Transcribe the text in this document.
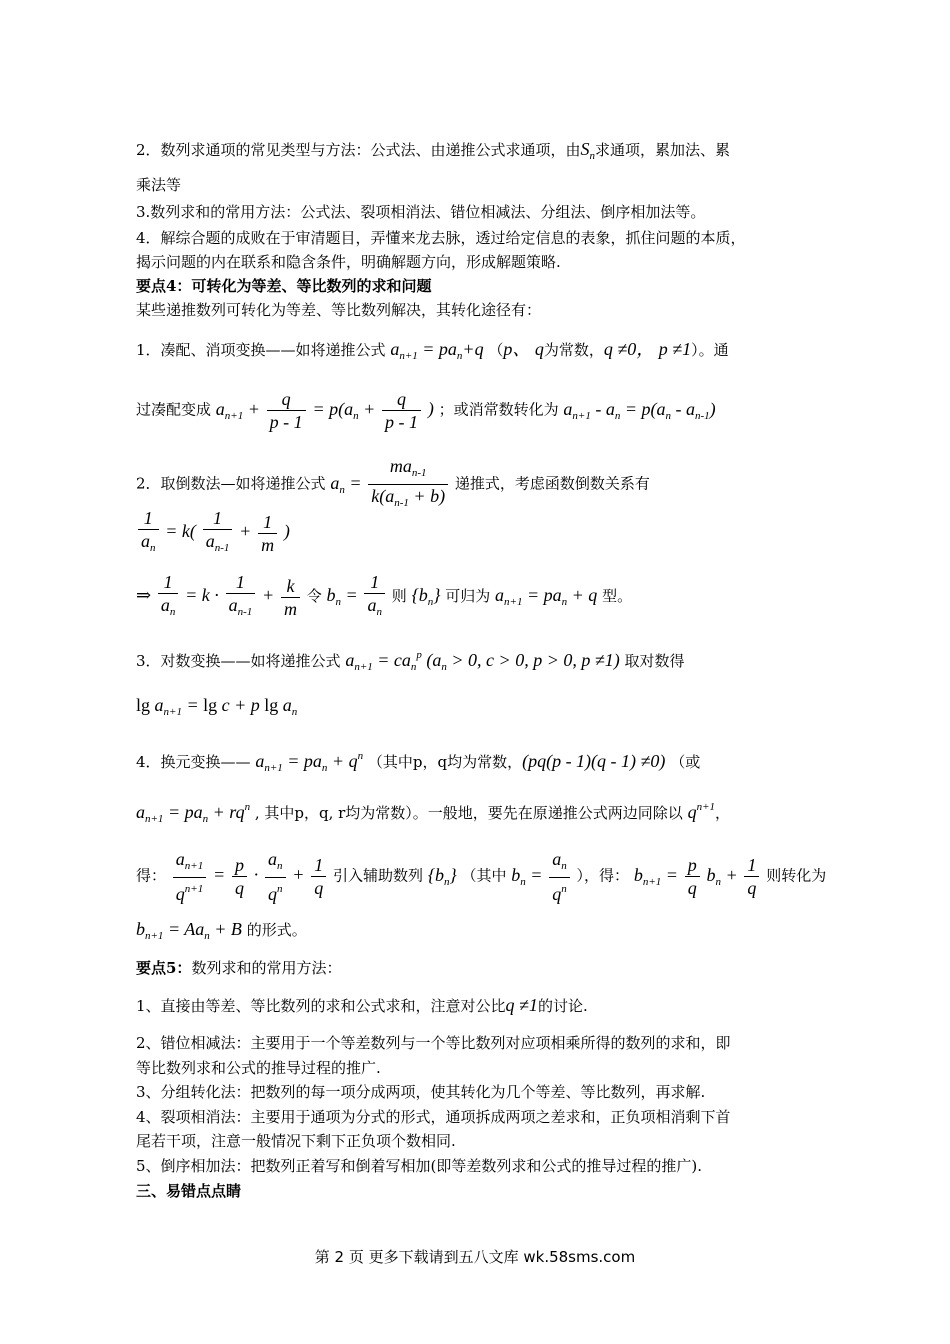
2．数列求通项的常见类型与方法：公式法、由递推公式求通项，由$S_n$求通项，累加法、累
乘法等
3.数列求和的常用方法：公式法、裂项相消法、错位相减法、分组法、倒序相加法等。
4．解综合题的成败在于审清题目，弄懂来龙去脉，透过给定信息的表象，抓住问题的本质，
揭示问题的内在联系和隐含条件，明确解题方向，形成解题策略.
要点4：可转化为等差、等比数列的求和问题
某些递推数列可转化为等差、等比数列解决，其转化途径有：
1．凑配、消项变换——如将递推公式 $a_{n+1} = pa_n+q$ （p、 q为常数，q ≠0， p ≠1）。通
过凑配变成 $a_{n+1} + \frac{q}{p - 1} = p(a_n + \frac{q}{p - 1}$ ) ；或消常数转化为 $a_{n+1} - a_n = p(a_n - a_{n-1})$
2．取倒数法—如将递推公式 $a_n = \frac{ma_{n-1}}{k(a_{n-1} + b)}$ 递推式，考虑函数倒数关系有
$\frac{1}{a_n} = k( \frac{1}{a_{n-1}} + \frac{1}{m}$ )
⇒ $\frac{1}{a_n} = k \cdot \frac{1}{a_{n-1}} + \frac{k}{m}$ 令 $b_n = \frac{1}{a_n}$ 则 $\{b_n\}$ 可归为 $a_{n+1} = pa_n + q$ 型。
3．对数变换——如将递推公式 $a_{n+1} = ca_n^p$ ($a_n > 0$, c > 0, p > 0, p ≠1) 取对数得
$\lg a_{n+1} = \lg c + p$ $\lg a_n$
4．换元变换—— $a_{n+1} = pa_n + q^n$ （其中p，q均为常数，(pq(p - 1)(q - 1) ≠0) （或
$a_{n+1} = pa_n + rq^n$ , 其中p，q, r均为常数）。一般地，要先在原递推公式两边同除以 $q^{n+1}$，
得： $\frac{a_{n+1}}{q^{n+1}} = \frac{p}{q} \cdot \frac{a_n}{q^n} + \frac{1}{q}$ 引入辅助数列 $\{b_n\}$ （其中 $b_n = \frac{a_n}{q^n}$ ），得： $b_{n+1} = \frac{p}{q} b_n + \frac{1}{q}$ 则转化为
$b_{n+1} = Aa_n + B$ 的形式。
要点5：数列求和的常用方法：
1、直接由等差、等比数列的求和公式求和，注意对公比q ≠1的讨论.
2、错位相减法：主要用于一个等差数列与一个等比数列对应项相乘所得的数列的求和，即
等比数列求和公式的推导过程的推广.
3、分组转化法：把数列的每一项分成两项，使其转化为几个等差、等比数列，再求解.
4、裂项相消法：主要用于通项为分式的形式，通项拆成两项之差求和，正负项相消剩下首
尾若干项，注意一般情况下剩下正负项个数相同.
5、倒序相加法：把数列正着写和倒着写相加(即等差数列求和公式的推导过程的推广).
三、易错点点睛
第 2 页 更多下载请到五八文库 wk.58sms.com
